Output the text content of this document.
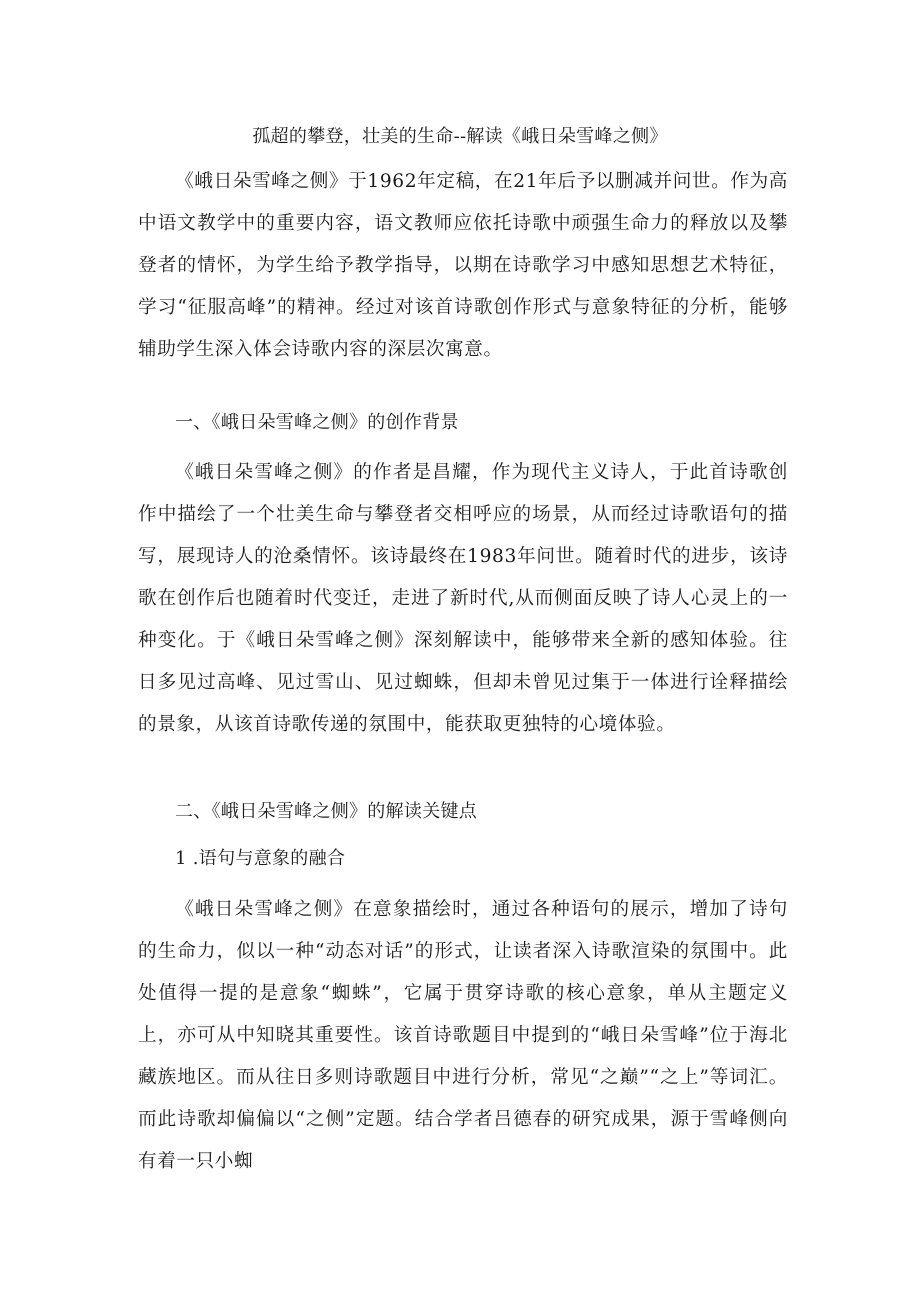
孤超的攀登，壮美的生命--解读《峨日朵雪峰之侧》

《峨日朵雪峰之侧》于1962年定稿，在21年后予以删减并问世。作为高中语文教学中的重要内容，语文教师应依托诗歌中顽强生命力的释放以及攀登者的情怀，为学生给予教学指导，以期在诗歌学习中感知思想艺术特征，学习“征服高峰”的精神。经过对该首诗歌创作形式与意象特征的分析，能够辅助学生深入体会诗歌内容的深层次寓意。

一、《峨日朵雪峰之侧》的创作背景

《峨日朵雪峰之侧》的作者是昌耀，作为现代主义诗人，于此首诗歌创作中描绘了一个壮美生命与攀登者交相呼应的场景，从而经过诗歌语句的描写，展现诗人的沧桑情怀。该诗最终在1983年问世。随着时代的进步，该诗歌在创作后也随着时代变迁，走进了新时代,从而侧面反映了诗人心灵上的一种变化。于《峨日朵雪峰之侧》深刻解读中，能够带来全新的感知体验。往日多见过高峰、见过雪山、见过蜘蛛，但却未曾见过集于一体进行诠释描绘的景象，从该首诗歌传递的氛围中，能获取更独特的心境体验。

二、《峨日朵雪峰之侧》的解读关键点

1 .语句与意象的融合

《峨日朵雪峰之侧》在意象描绘时，通过各种语句的展示，增加了诗句的生命力，似以一种“动态对话”的形式，让读者深入诗歌渲染的氛围中。此处值得一提的是意象“蜘蛛”，它属于贯穿诗歌的核心意象，单从主题定义上，亦可从中知晓其重要性。该首诗歌题目中提到的“峨日朵雪峰”位于海北藏族地区。而从往日多则诗歌题目中进行分析，常见“之巅”“之上”等词汇。而此诗歌却偏偏以“之侧”定题。结合学者吕德春的研究成果，源于雪峰侧向有着一只小蜘
